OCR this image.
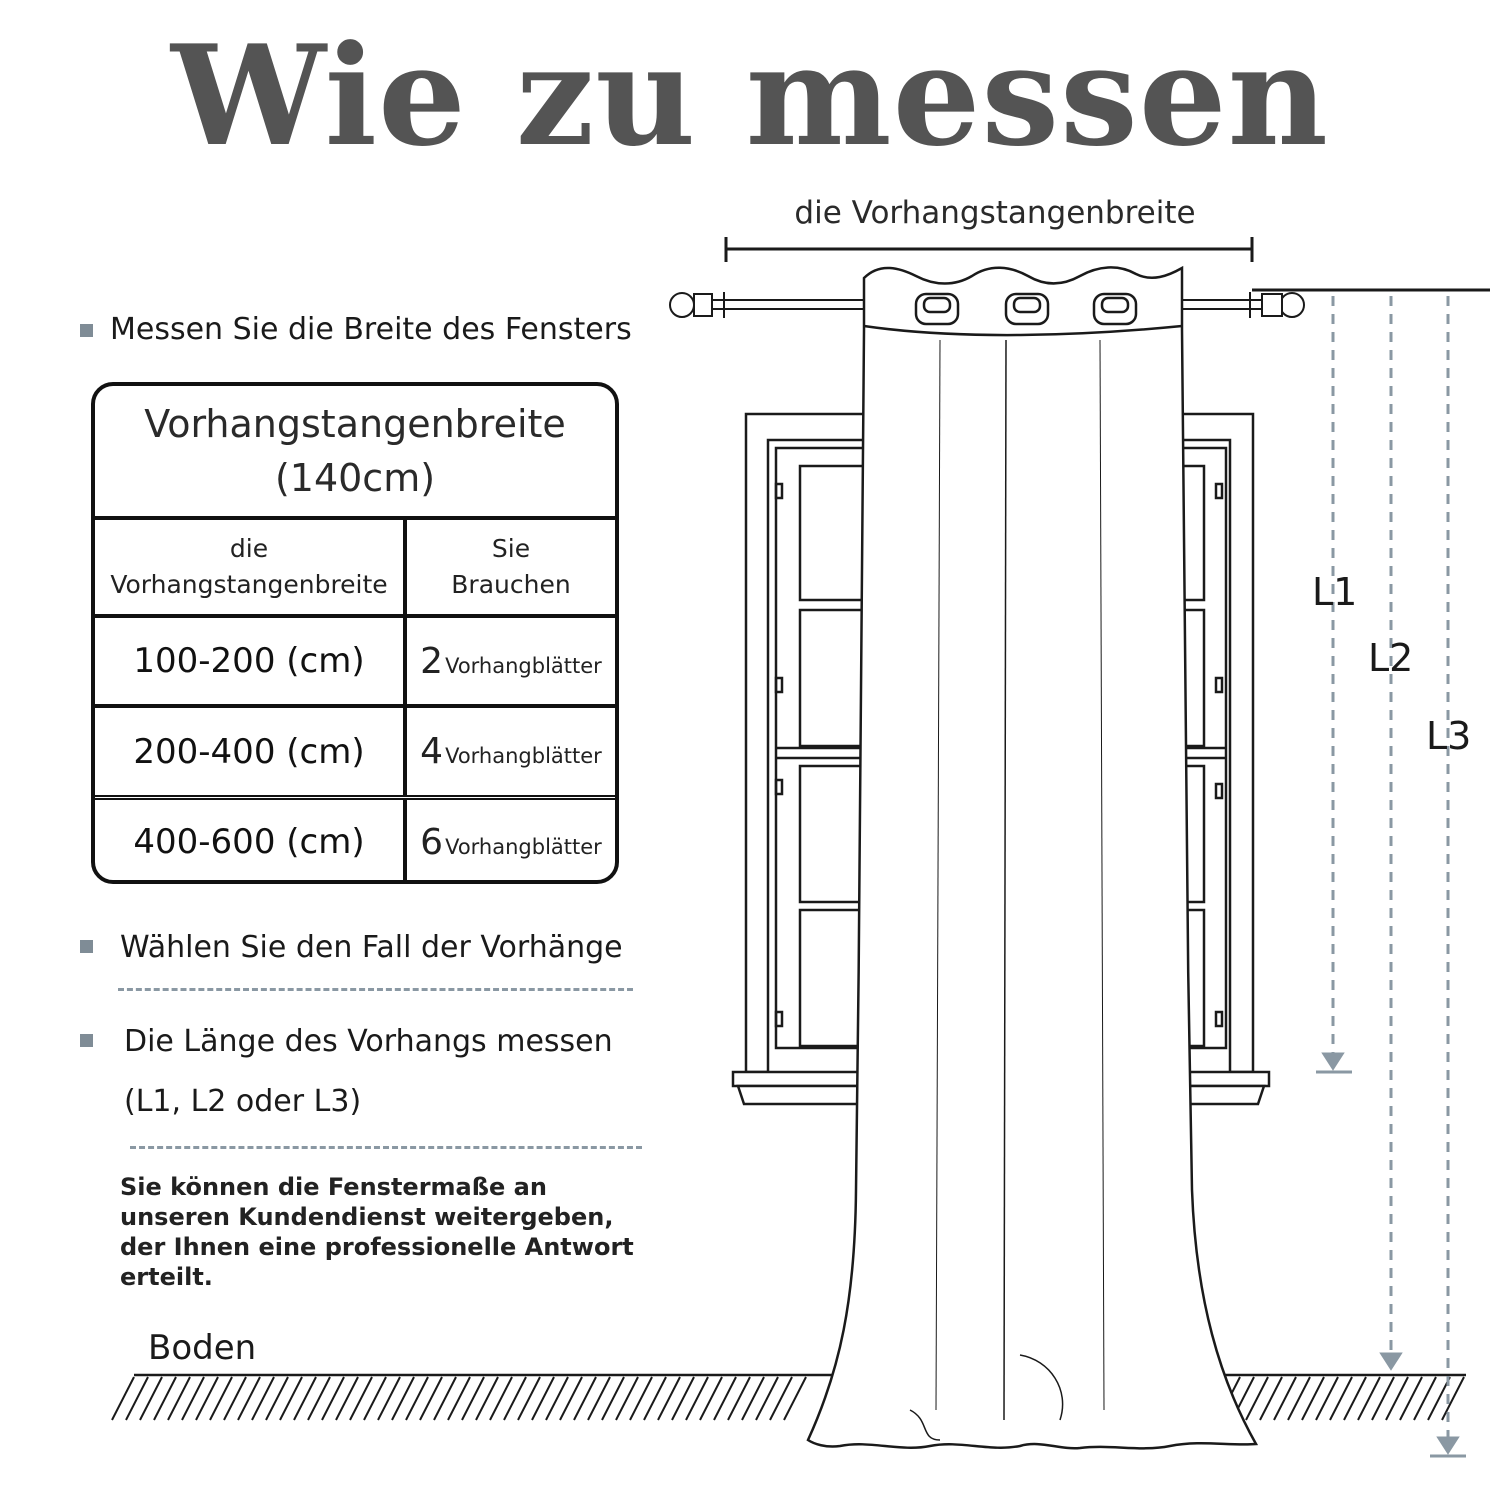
Wie zu messen
Messen Sie die Breite des Fensters
Vorhangstangenbreite
(140cm)
die
Vorhangstangenbreite
Sie
Brauchen
100-200 (cm) 2 Vorhangblätter
200-400 (cm) 4 Vorhangblätter
400-600 (cm) 6 Vorhangblätter
Wählen Sie den Fall der Vorhänge
Die Länge des Vorhangs messen
(L1, L2 oder L3)
Sie können die Fenstermaße an unseren Kundendienst weitergeben, der Ihnen eine professionelle Antwort erteilt.
Boden
die Vorhangstangenbreite
L1
L2
L3
